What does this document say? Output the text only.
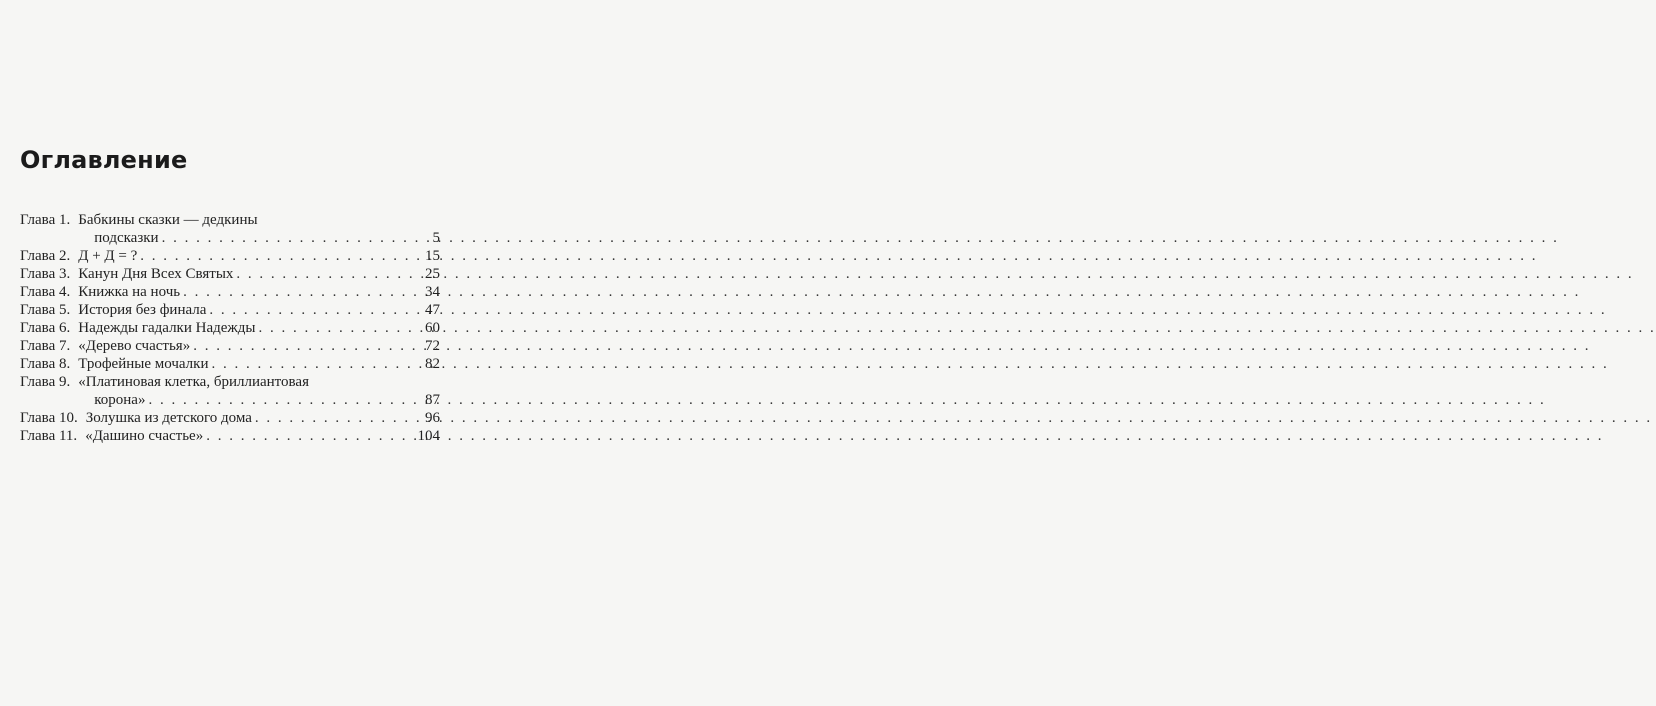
Оглавление
Глава 1. Бабкины сказки — дедкины
подсказки . . .	5
Глава 2. Д + Д = ? . . .	15
Глава 3. Канун Дня Всех Святых . . .	25
Глава 4. Книжка на ночь . . .	34
Глава 5. История без финала . . .	47
Глава 6. Надежды гадалки Надежды . . .	60
Глава 7. «Дерево счастья» . . .	72
Глава 8. Трофейные мочалки . . .	82
Глава 9. «Платиновая клетка, бриллиантовая
корона» . . .	87
Глава 10. Золушка из детского дома . . .	96
Глава 11. «Дашино счастье» . . .	104
